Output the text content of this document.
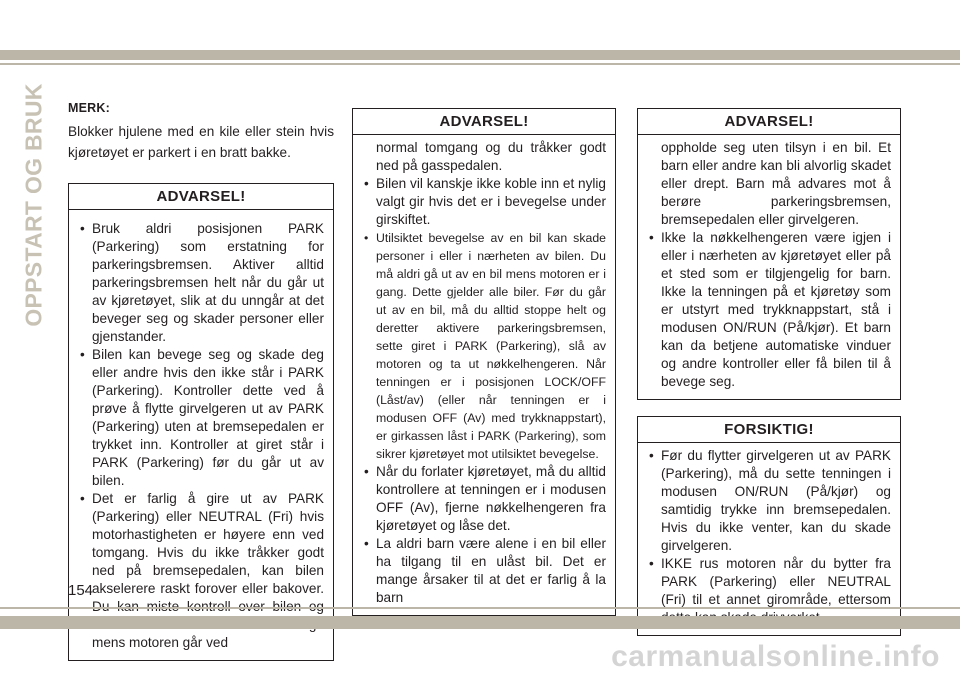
OPPSTART OG BRUK MERK:
Blokker hjulene med en kile eller stein hvis kjøretøyet er parkert i en bratt bakke.
ADVARSEL!
• Bruk aldri posisjonen PARK (Parkering) som erstatning for parkeringsbremsen. Aktiver alltid parkeringsbremsen helt når du går ut av kjøretøyet, slik at du unngår at det beveger seg og skader personer eller gjenstander.
• Bilen kan bevege seg og skade deg eller andre hvis den ikke står i PARK (Parkering). Kontroller dette ved å prøve å flytte girvelgeren ut av PARK (Parkering) uten at bremsepedalen er trykket inn. Kontroller at giret står i PARK (Parkering) før du går ut av bilen.
• Det er farlig å gire ut av PARK (Parkering) eller NEUTRAL (Fri) hvis motorhastigheten er høyere enn ved tomgang. Hvis du ikke tråkker godt ned på bremsepedalen, kan bilen akselerere raskt forover eller bakover. mens motoren går ved
ADVARSEL!
normal tomgang og du tråkker godt ned på gasspedalen.
• Bilen vil kanskje ikke koble inn et nylig valgt gir hvis det er i bevegelse under girskiftet.
• Utilsiktet bevegelse av en bil kan skade personer i eller i nærheten av bilen. Du må aldri gå ut av en bil mens motoren er i gang. Dette gjelder alle biler. Før du går ut av en bil, må du alltid stoppe helt og deretter aktivere parkeringsbremsen, sette giret i PARK (Parkering), slå av motoren og ta ut nøkkelhengeren. Når tenningen er i posisjonen LOCK/OFF (Låst/av) (eller når tenningen er i modusen OFF (Av) med trykknappstart), er girkassen låst i PARK (Parkering), som sikrer kjøretøyet mot utilsiktet bevegelse.
• Når du forlater kjøretøyet, må du alltid kontrollere at tenningen er i modusen OFF (Av), fjerne nøkkelhengeren fra kjøretøyet og låse det.
• La aldri barn være alene i en bil eller ha tilgang til en ulåst bil. Det er mange årsaker til at det er farlig å la barn
ADVARSEL!
oppholde seg uten tilsyn i en bil. Et barn eller andre kan bli alvorlig skadet eller drept. Barn må advares mot å berøre parkeringsbremsen, bremsepedalen eller girvelgeren.
• Ikke la nøkkelhengeren være igjen i eller i nærheten av kjøretøyet eller på et sted som er tilgjengelig for barn. Ikke la tenningen på et kjøretøy som er utstyrt med trykknappstart, stå i modusen ON/RUN (På/kjør). Et barn kan da betjene automatiske vinduer og andre kontroller eller få bilen til å bevege seg.
FORSIKTIG!
• Før du flytter girvelgeren ut av PARK (Parkering), må du sette tenningen i modusen ON/RUN (På/kjør) og samtidig trykke inn bremsepedalen. Hvis du ikke venter, kan du skade girvelgeren.
• IKKE rus motoren når du bytter fra PARK (Parkering) eller NEUTRAL (Fri) til et annet girområde, ettersom
154
carmanualsonline.info
